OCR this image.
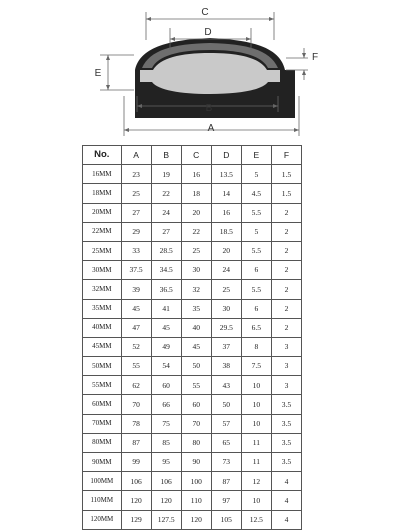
C
D
E
F
B
A
No.	A	B	C	D	E	F
16MM	23	19	16	13.5	5	1.5
18MM	25	22	18	14	4.5	1.5
20MM	27	24	20	16	5.5	2
22MM	29	27	22	18.5	5	2
25MM	33	28.5	25	20	5.5	2
30MM	37.5	34.5	30	24	6	2
32MM	39	36.5	32	25	5.5	2
35MM	45	41	35	30	6	2
40MM	47	45	40	29.5	6.5	2
45MM	52	49	45	37	8	3
50MM	55	54	50	38	7.5	3
55MM	62	60	55	43	10	3
60MM	70	66	60	50	10	3.5
70MM	78	75	70	57	10	3.5
80MM	87	85	80	65	11	3.5
90MM	99	95	90	73	11	3.5
100MM	106	106	100	87	12	4
110MM	120	120	110	97	10	4
120MM	129	127.5	120	105	12.5	4
